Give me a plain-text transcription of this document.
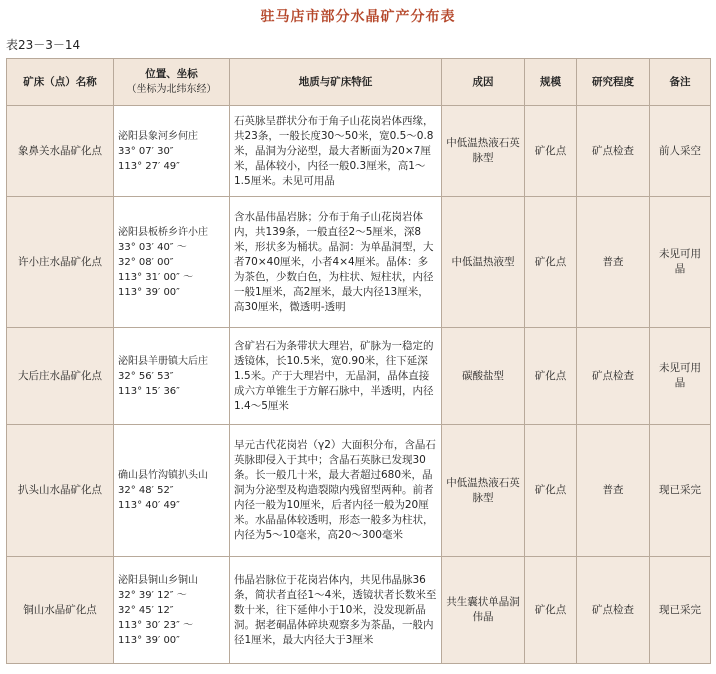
驻马店市部分水晶矿产分布表
表23－3－14
矿床（点）名称	位置、坐标
（坐标为北纬东经）	地质与矿床特征	成因	规模	研究程度	备注
象鼻关水晶矿化点	泌阳县象河乡何庄
33° 07′ 30″
113° 27′ 49″	石英脉呈群状分布于角子山花岗岩体西缘，共23条，一般长度30～50米，宽0.5～0.8米，晶洞为分泌型，最大者断面为20×7厘米，晶体较小，内径一般0.3厘米，高1～1.5厘米。未见可用晶	中低温热液石英脉型	矿化点	矿点检查	前人采空
许小庄水晶矿化点	泌阳县板桥乡许小庄
33° 03′ 40″ ～
32° 08′ 00″
113° 31′ 00″ ～
113° 39′ 00″	含水晶伟晶岩脉；分布于角子山花岗岩体内，共139条，一般直径2～5厘米，深8米，形状多为桶状。晶洞：为单晶洞型，大者70×40厘米，小者4×4厘米。晶体：多为茶色，少数白色，为柱状、短柱状，内径一般1厘米，高2厘米，最大内径13厘米，高30厘米，微透明-透明	中低温热液型	矿化点	普查	未见可用晶
大后庄水晶矿化点	泌阳县羊册镇大后庄
32° 56′ 53″
113° 15′ 36″	含矿岩石为条带状大理岩，矿脉为一稳定的透镜体，长10.5米，宽0.90米，往下延深1.5米。产于大理岩中，无晶洞，晶体直接成六方单锥生于方解石脉中，半透明，内径1.4～5厘米	碳酸盐型	矿化点	矿点检查	未见可用晶
扒头山水晶矿化点	确山县竹沟镇扒头山
32° 48′ 52″
113° 40′ 49″	早元古代花岗岩（γ2）大面积分布，含晶石英脉即侵入于其中；含晶石英脉已发现30条。长一般几十米，最大者超过680米，晶洞为分泌型及构造裂隙内残留型两种。前者内径一般为10厘米，后者内径一般为20厘米。水晶晶体较透明，形态一般多为柱状，内径为5～10毫米，高20～300毫米	中低温热液石英脉型	矿化点	普查	现已采完
铜山水晶矿化点	泌阳县铜山乡铜山
32° 39′ 12″ ～
32° 45′ 12″
113° 30′ 23″ ～
113° 39′ 00″	伟晶岩脉位于花岗岩体内，共见伟晶脉36条，简状者直径1～4米，透镜状者长数米至数十米，往下延伸小于10米，没发现新晶洞。据老硐晶体碎块观察多为茶晶，一般内径1厘米，最大内径大于3厘米	共生囊状单晶洞伟晶	矿化点	矿点检查	现已采完
